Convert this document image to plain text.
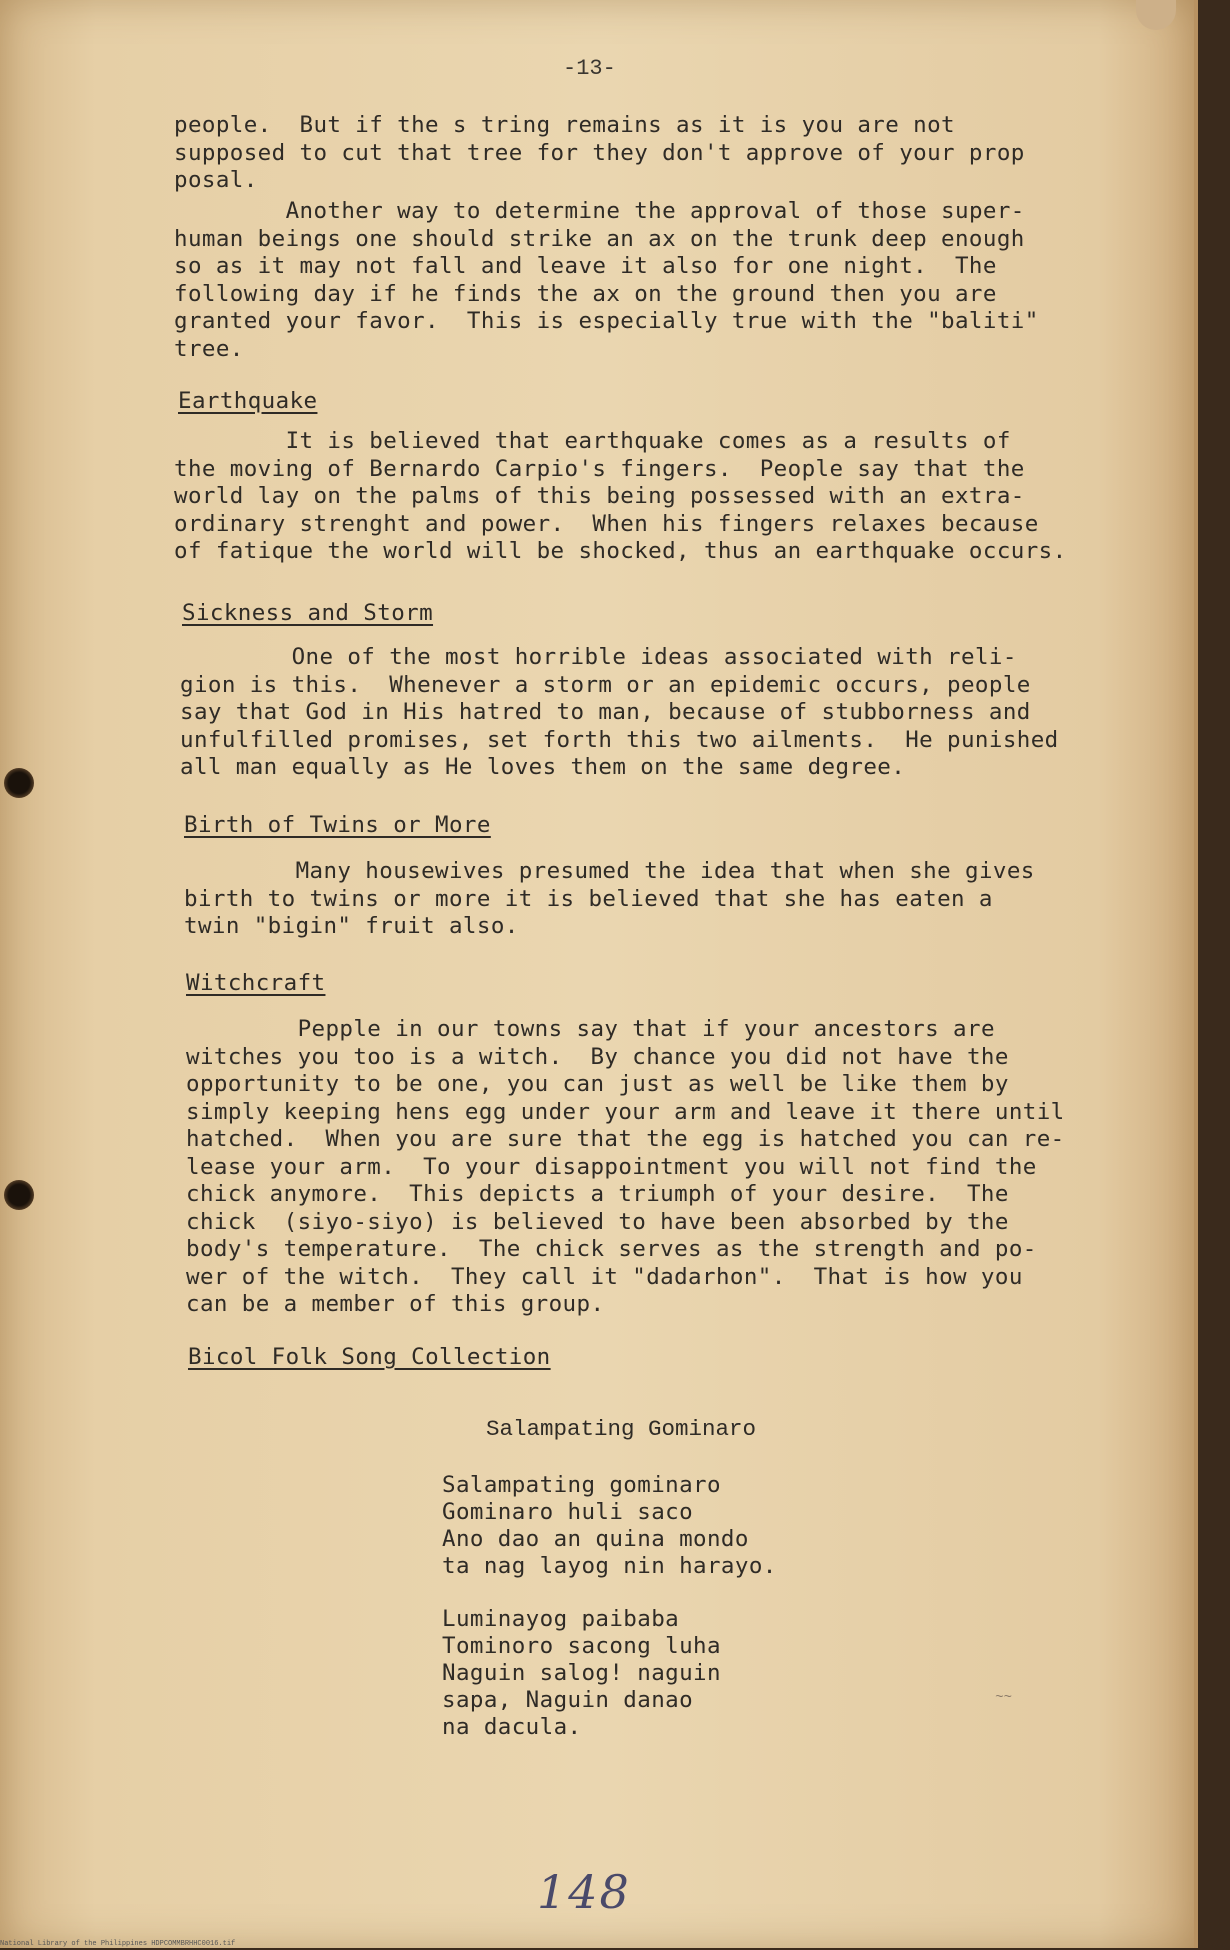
-13-
people.  But if the s tring remains as it is you are not
supposed to cut that tree for they don't approve of your prop
posal.
Another way to determine the approval of those super-
human beings one should strike an ax on the trunk deep enough
so as it may not fall and leave it also for one night.  The
following day if he finds the ax on the ground then you are
granted your favor.  This is especially true with the "baliti"
tree.
Earthquake
It is believed that earthquake comes as a results of
the moving of Bernardo Carpio's fingers.  People say that the
world lay on the palms of this being possessed with an extra-
ordinary strenght and power.  When his fingers relaxes because
of fatique the world will be shocked, thus an earthquake occurs.
Sickness and Storm
One of the most horrible ideas associated with reli-
gion is this.  Whenever a storm or an epidemic occurs, people
say that God in His hatred to man, because of stubborness and
unfulfilled promises, set forth this two ailments.  He punished
all man equally as He loves them on the same degree.
Birth of Twins or More
Many housewives presumed the idea that when she gives
birth to twins or more it is believed that she has eaten a
twin "bigin" fruit also.
Witchcraft
Pepple in our towns say that if your ancestors are
witches you too is a witch.  By chance you did not have the
opportunity to be one, you can just as well be like them by
simply keeping hens egg under your arm and leave it there until
hatched.  When you are sure that the egg is hatched you can re-
lease your arm.  To your disappointment you will not find the
chick anymore.  This depicts a triumph of your desire.  The
chick  (siyo-siyo) is believed to have been absorbed by the
body's temperature.  The chick serves as the strength and po-
wer of the witch.  They call it "dadarhon".  That is how you
can be a member of this group.
Bicol Folk Song Collection
Salampating Gominaro
Salampating gominaro
Gominaro huli saco
Ano dao an quina mondo
ta nag layog nin harayo.
Luminayog paibaba
Tominoro sacong luha
Naguin salog! naguin
sapa, Naguin danao
na dacula.
~~
148
National Library of the Philippines HDPCOMMBRHHC0016.tif
